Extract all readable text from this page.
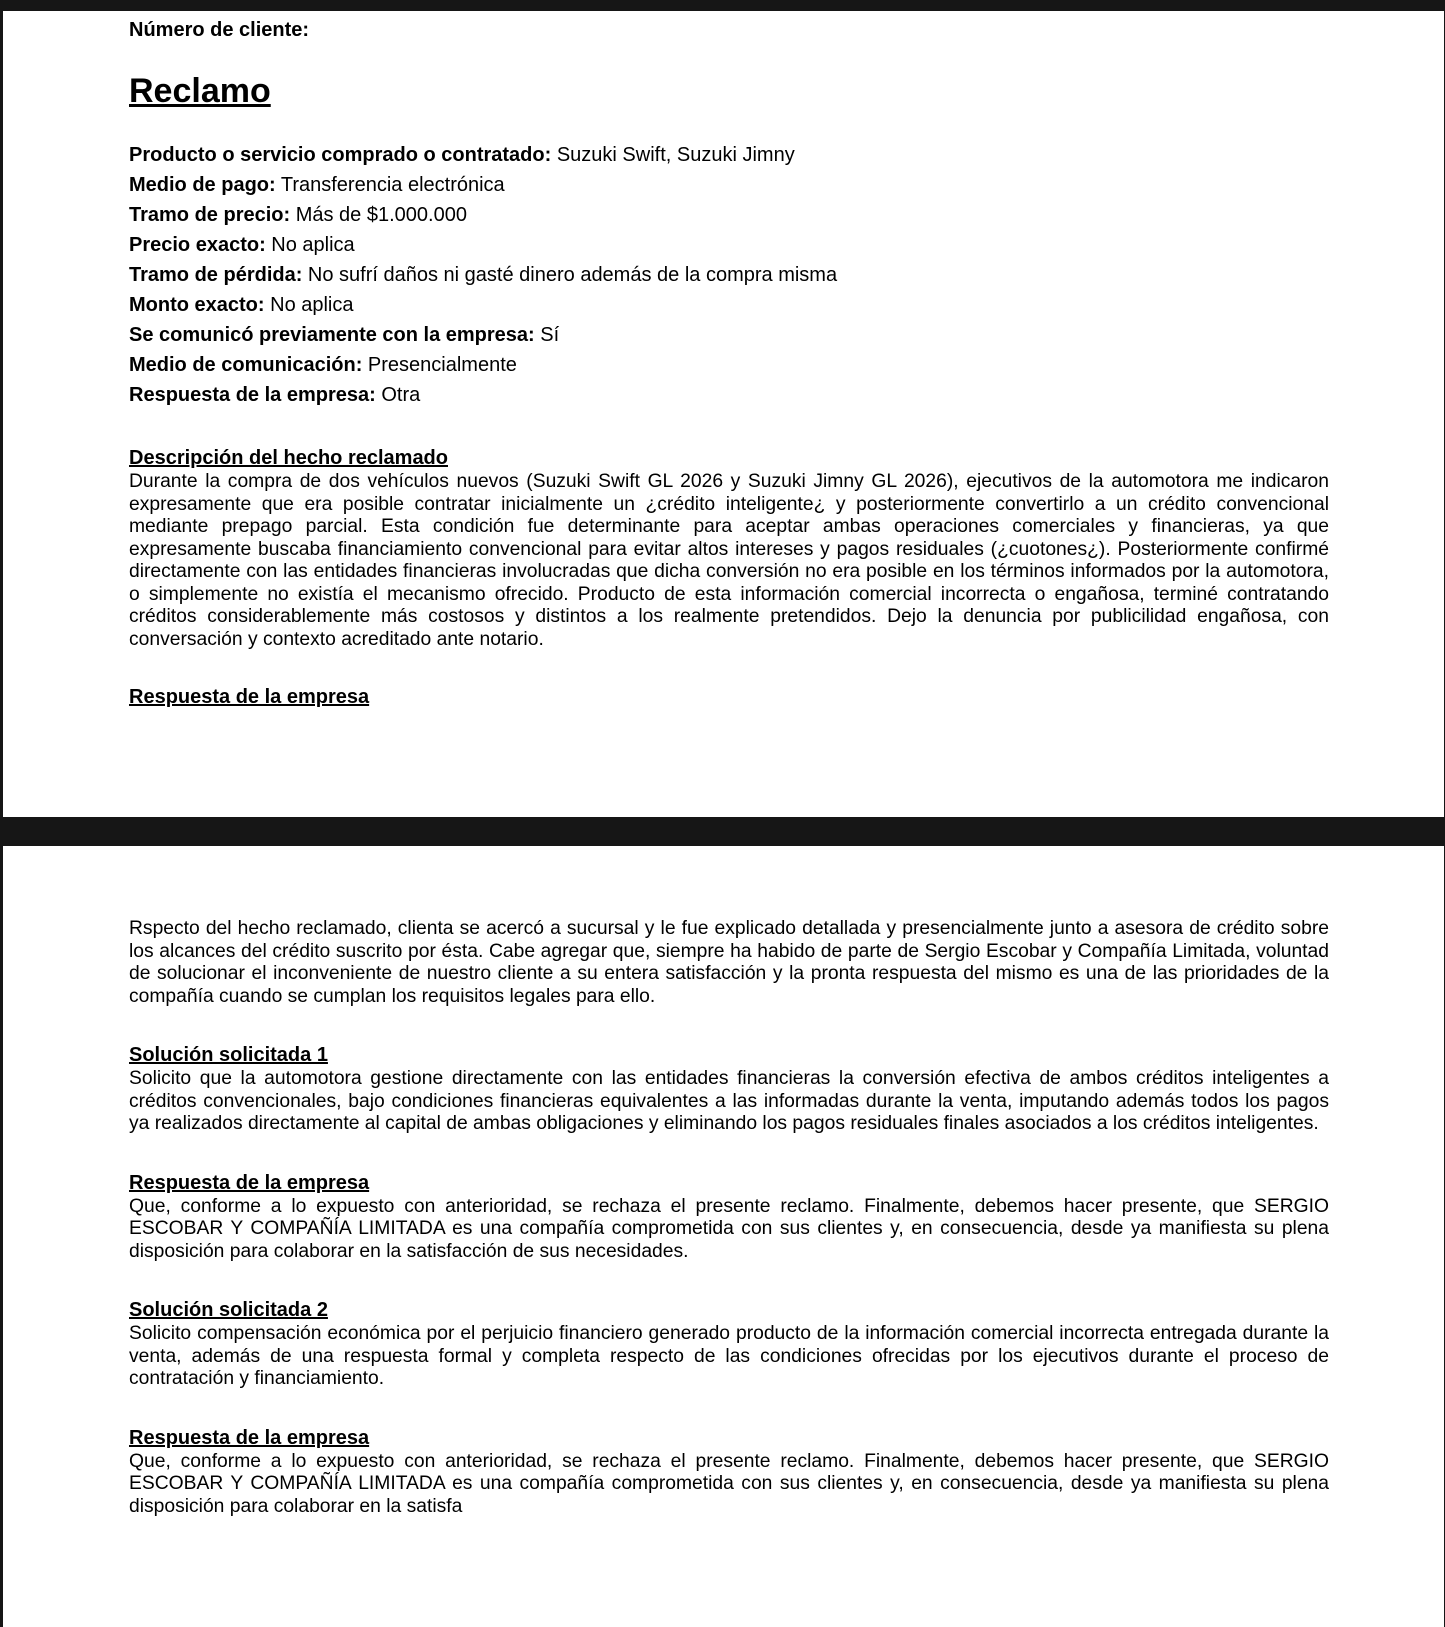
Número de cliente:

Reclamo

Producto o servicio comprado o contratado: Suzuki Swift, Suzuki Jimny

Medio de pago: Transferencia electrónica

Tramo de precio: Más de $1.000.000

Precio exacto: No aplica

Tramo de pérdida: No sufrí daños ni gasté dinero además de la compra misma

Monto exacto: No aplica

Se comunicó previamente con la empresa: Sí

Medio de comunicación: Presencialmente

Respuesta de la empresa: Otra

Descripción del hecho reclamado

Durante la compra de dos vehículos nuevos (Suzuki Swift GL 2026 y Suzuki Jimny GL 2026), ejecutivos de la automotora me indicaron expresamente que era posible contratar inicialmente un ¿crédito inteligente¿ y posteriormente convertirlo a un crédito convencional mediante prepago parcial. Esta condición fue determinante para aceptar ambas operaciones comerciales y financieras, ya que expresamente buscaba financiamiento convencional para evitar altos intereses y pagos residuales (¿cuotones¿). Posteriormente confirmé directamente con las entidades financieras involucradas que dicha conversión no era posible en los términos informados por la automotora, o simplemente no existía el mecanismo ofrecido. Producto de esta información comercial incorrecta o engañosa, terminé contratando créditos considerablemente más costosos y distintos a los realmente pretendidos. Dejo la denuncia por publicilidad engañosa, con conversación y contexto acreditado ante notario.

Respuesta de la empresa

Rspecto del hecho reclamado, clienta se acercó a sucursal y le fue explicado detallada y presencialmente junto a asesora de crédito sobre los alcances del crédito suscrito por ésta. Cabe agregar que, siempre ha habido de parte de Sergio Escobar y Compañía Limitada, voluntad de solucionar el inconveniente de nuestro cliente a su entera satisfacción y la pronta respuesta del mismo es una de las prioridades de la compañía cuando se cumplan los requisitos legales para ello.

Solución solicitada 1

Solicito que la automotora gestione directamente con las entidades financieras la conversión efectiva de ambos créditos inteligentes a créditos convencionales, bajo condiciones financieras equivalentes a las informadas durante la venta, imputando además todos los pagos ya realizados directamente al capital de ambas obligaciones y eliminando los pagos residuales finales asociados a los créditos inteligentes.

Respuesta de la empresa

Que, conforme a lo expuesto con anterioridad, se rechaza el presente reclamo. Finalmente, debemos hacer presente, que SERGIO ESCOBAR Y COMPAÑÍA LIMITADA es una compañía comprometida con sus clientes y, en consecuencia, desde ya manifiesta su plena disposición para colaborar en la satisfacción de sus necesidades.

Solución solicitada 2

Solicito compensación económica por el perjuicio financiero generado producto de la información comercial incorrecta entregada durante la venta, además de una respuesta formal y completa respecto de las condiciones ofrecidas por los ejecutivos durante el proceso de contratación y financiamiento.

Respuesta de la empresa

Que, conforme a lo expuesto con anterioridad, se rechaza el presente reclamo. Finalmente, debemos hacer presente, que SERGIO ESCOBAR Y COMPAÑÍA LIMITADA es una compañía comprometida con sus clientes y, en consecuencia, desde ya manifiesta su plena disposición para colaborar en la satisfa
